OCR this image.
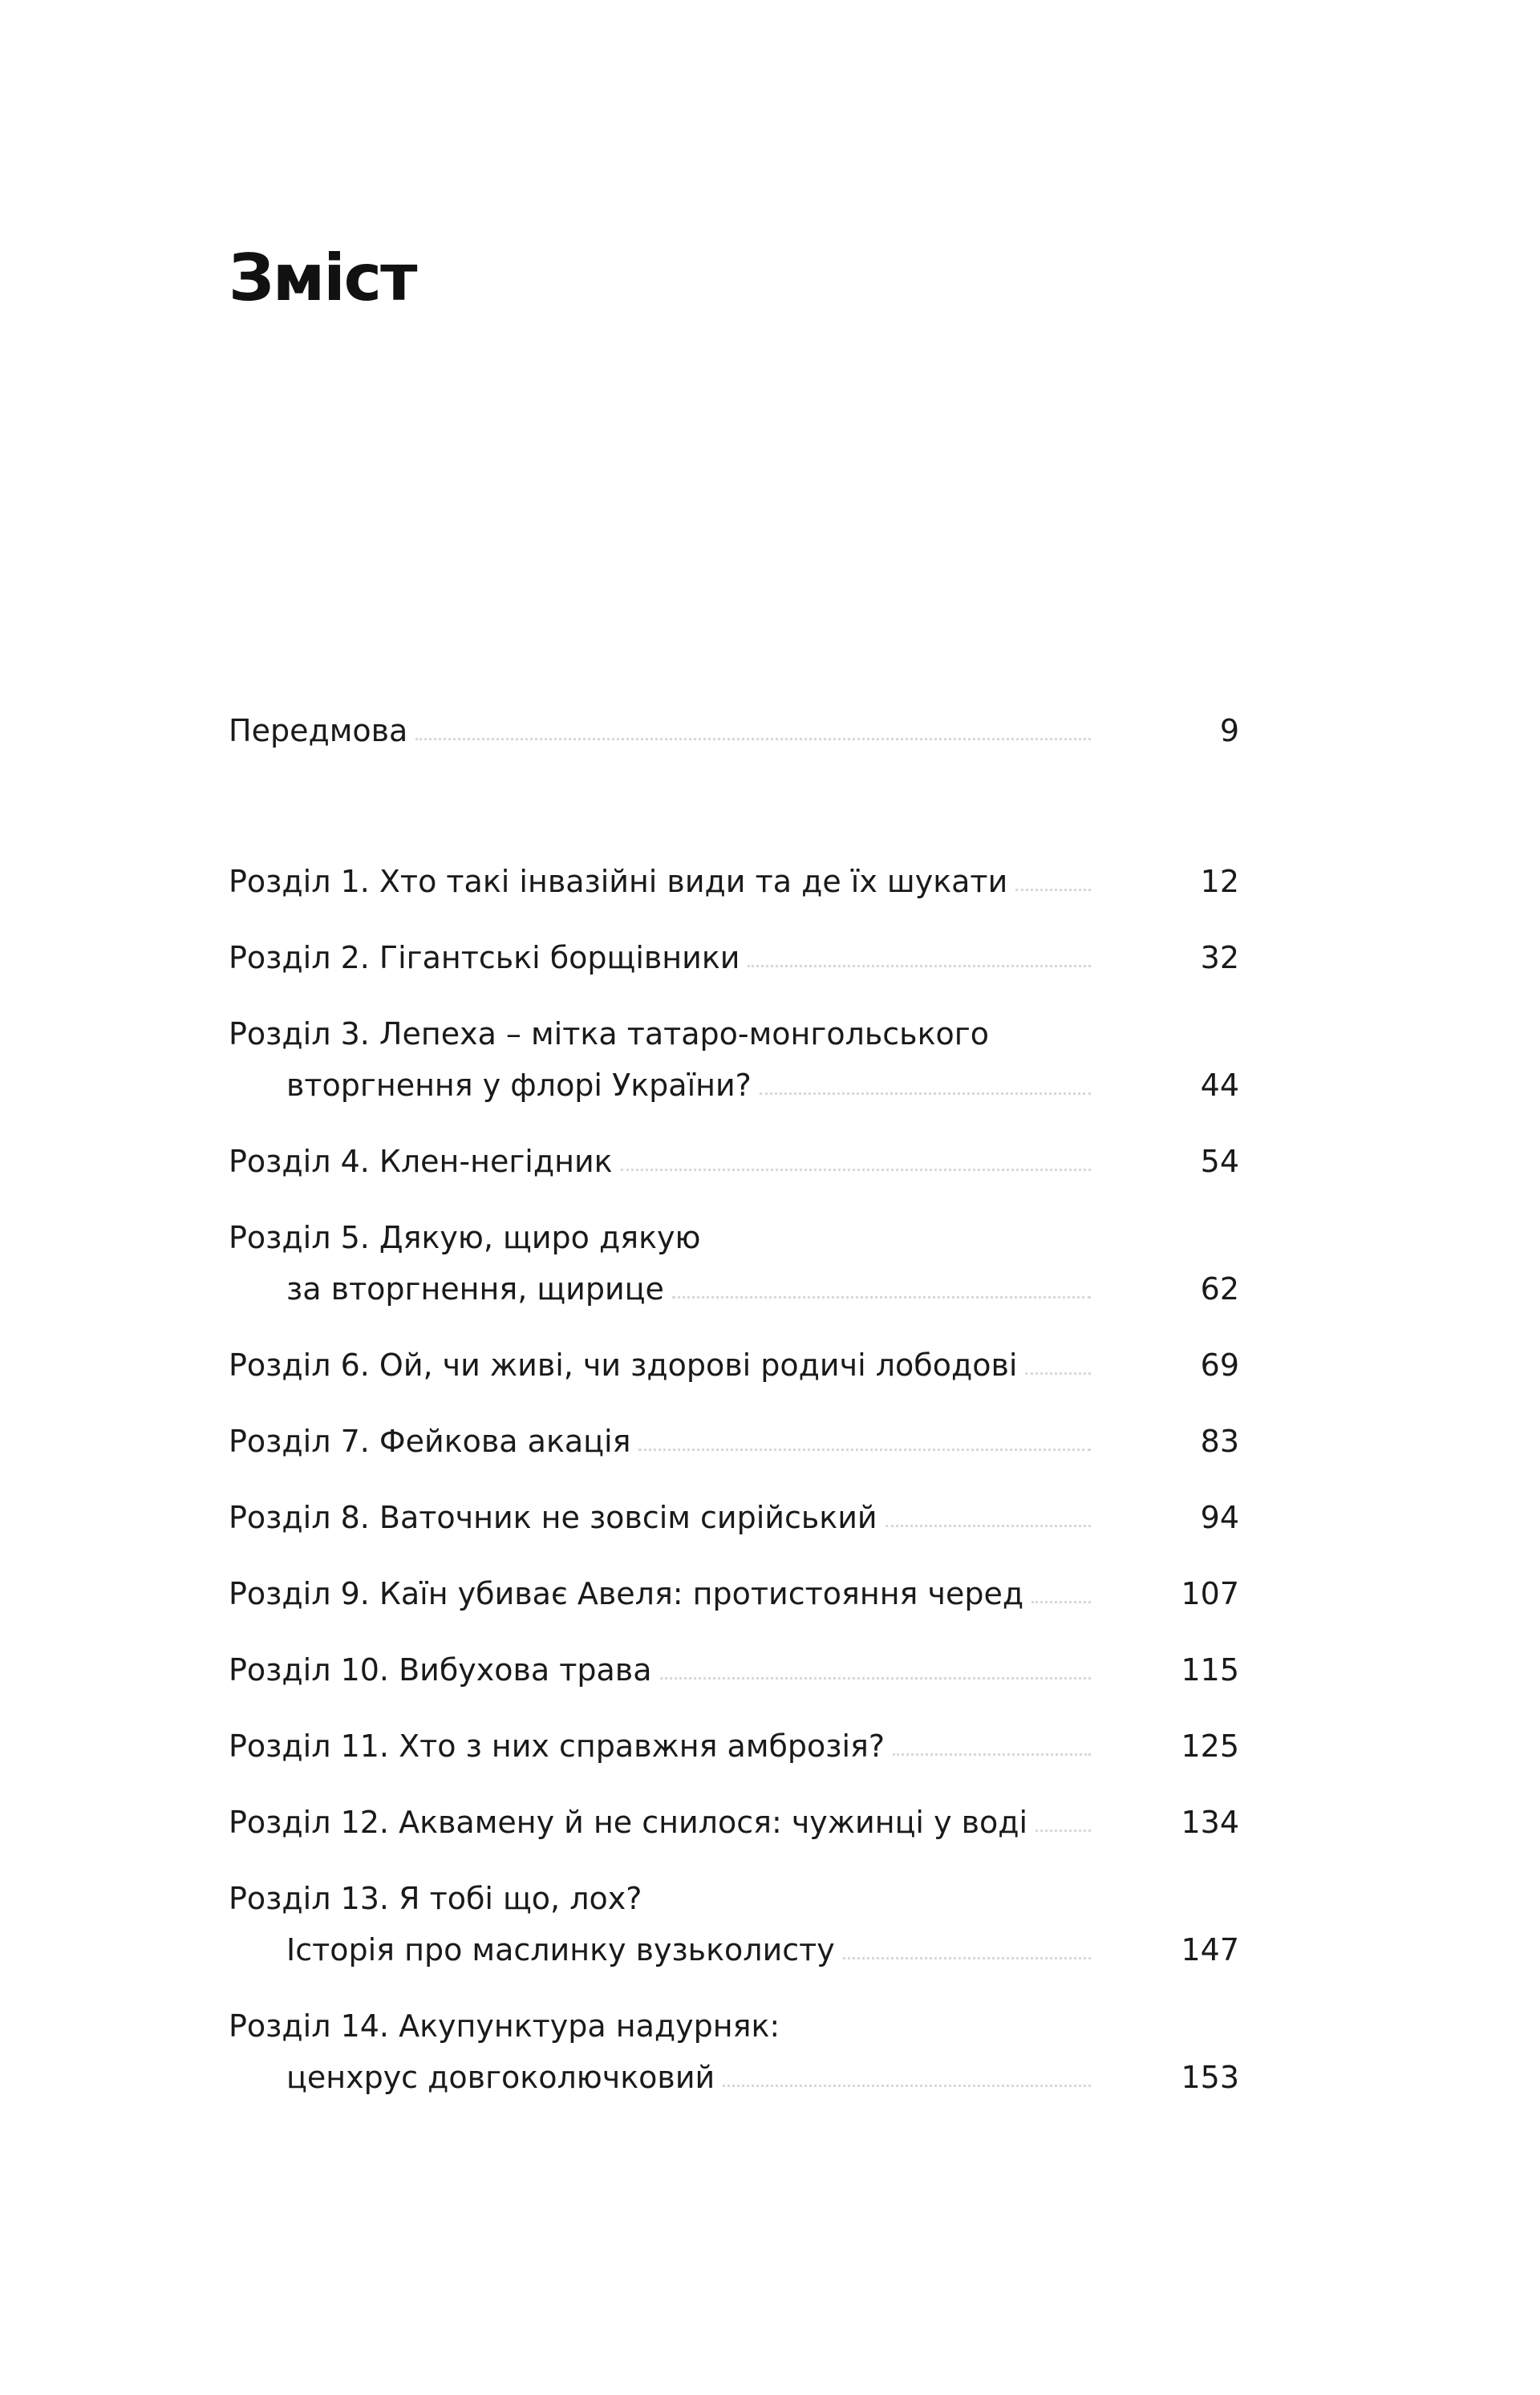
Зміст
Передмова	9
Розділ 1. Хто такі інвазійні види та де їх шукати	12
Розділ 2. Гігантські борщівники	32
Розділ 3. Лепеха – мітка татаро-монгольського
вторгнення у флорі України?	44
Розділ 4. Клен-негідник	54
Розділ 5. Дякую, щиро дякую
за вторгнення, щирице	62
Розділ 6. Ой, чи живі, чи здорові родичі лободові	69
Розділ 7. Фейкова акація	83
Розділ 8. Ваточник не зовсім сирійський	94
Розділ 9. Каїн убиває Авеля: протистояння черед	107
Розділ 10. Вибухова трава	115
Розділ 11. Хто з них справжня амброзія?	125
Розділ 12. Аквамену й не снилося: чужинці у воді	134
Розділ 13. Я тобі що, лох?
Історія про маслинку вузьколисту	147
Розділ 14. Акупунктура надурняк:
ценхрус довгоколючковий	153
